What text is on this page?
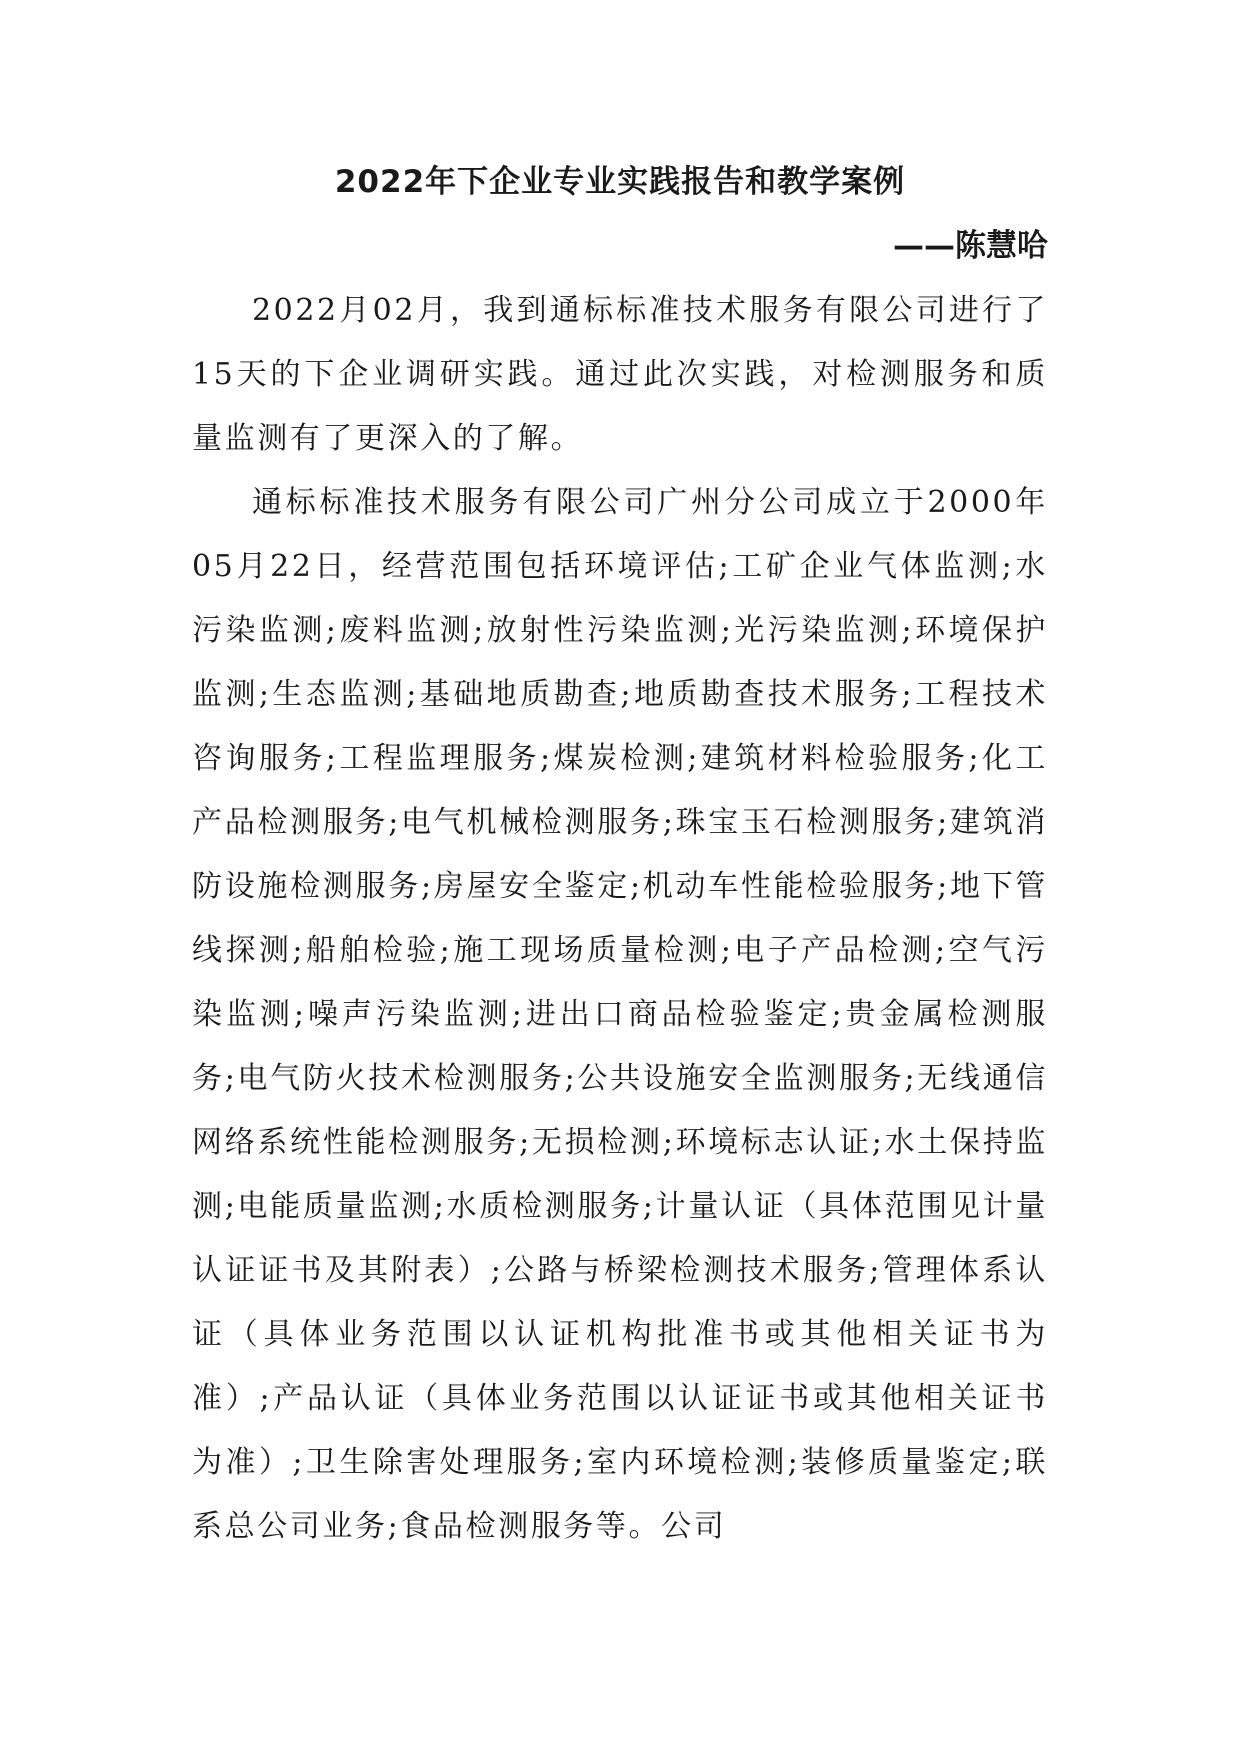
2022年下企业专业实践报告和教学案例
——陈慧哈

2022月02月，我到通标标准技术服务有限公司进行了15天的下企业调研实践。通过此次实践，对检测服务和质量监测有了更深入的了解。

通标标准技术服务有限公司广州分公司成立于2000年05月22日，经营范围包括环境评估;工矿企业气体监测;水污染监测;废料监测;放射性污染监测;光污染监测;环境保护监测;生态监测;基础地质勘查;地质勘查技术服务;工程技术咨询服务;工程监理服务;煤炭检测;建筑材料检验服务;化工产品检测服务;电气机械检测服务;珠宝玉石检测服务;建筑消防设施检测服务;房屋安全鉴定;机动车性能检验服务;地下管线探测;船舶检验;施工现场质量检测;电子产品检测;空气污染监测;噪声污染监测;进出口商品检验鉴定;贵金属检测服务;电气防火技术检测服务;公共设施安全监测服务;无线通信网络系统性能检测服务;无损检测;环境标志认证;水土保持监测;电能质量监测;水质检测服务;计量认证（具体范围见计量认证证书及其附表）;公路与桥梁检测技术服务;管理体系认证（具体业务范围以认证机构批准书或其他相关证书为准）;产品认证（具体业务范围以认证证书或其他相关证书为准）;卫生除害处理服务;室内环境检测;装修质量鉴定;联系总公司业务;食品检测服务等。公司
